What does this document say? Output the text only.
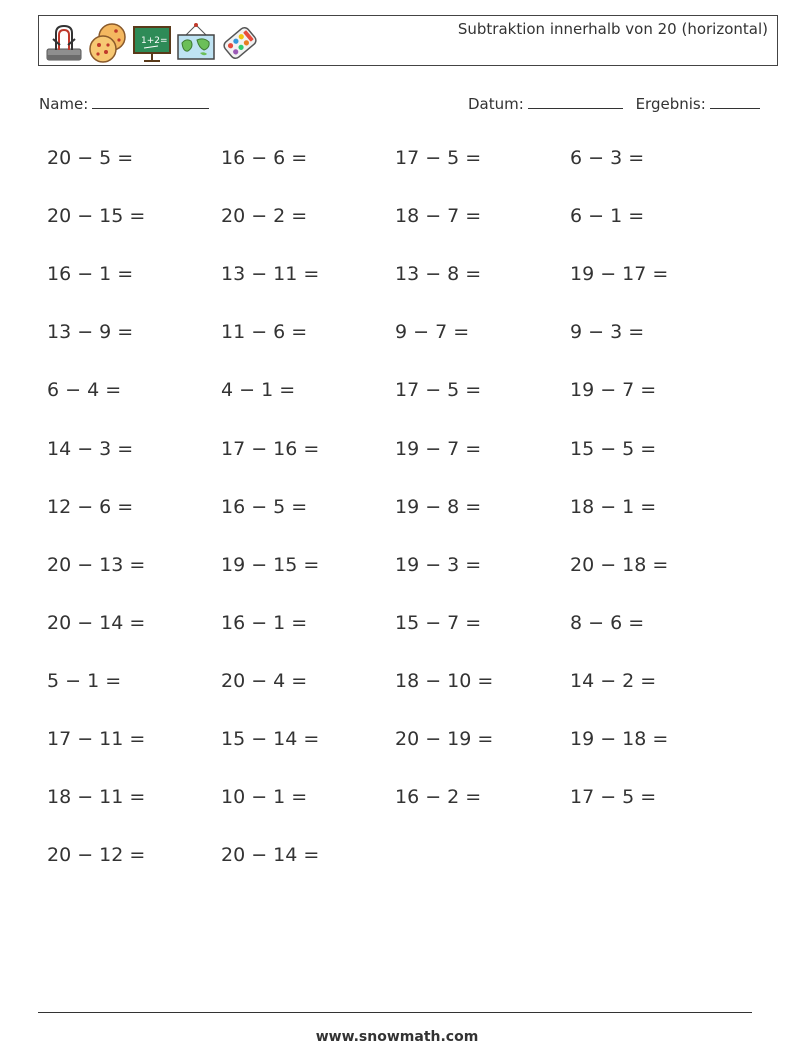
1+2=
Subtraktion innerhalb von 20 (horizontal)
Name:	Datum:	Ergebnis:
20 − 5 =	16 − 6 =	17 − 5 =	6 − 3 =
20 − 15 =	20 − 2 =	18 − 7 =	6 − 1 =
16 − 1 =	13 − 11 =	13 − 8 =	19 − 17 =
13 − 9 =	11 − 6 =	9 − 7 =	9 − 3 =
6 − 4 =	4 − 1 =	17 − 5 =	19 − 7 =
14 − 3 =	17 − 16 =	19 − 7 =	15 − 5 =
12 − 6 =	16 − 5 =	19 − 8 =	18 − 1 =
20 − 13 =	19 − 15 =	19 − 3 =	20 − 18 =
20 − 14 =	16 − 1 =	15 − 7 =	8 − 6 =
5 − 1 =	20 − 4 =	18 − 10 =	14 − 2 =
17 − 11 =	15 − 14 =	20 − 19 =	19 − 18 =
18 − 11 =	10 − 1 =	16 − 2 =	17 − 5 =
20 − 12 =	20 − 14 =
www.snowmath.com
